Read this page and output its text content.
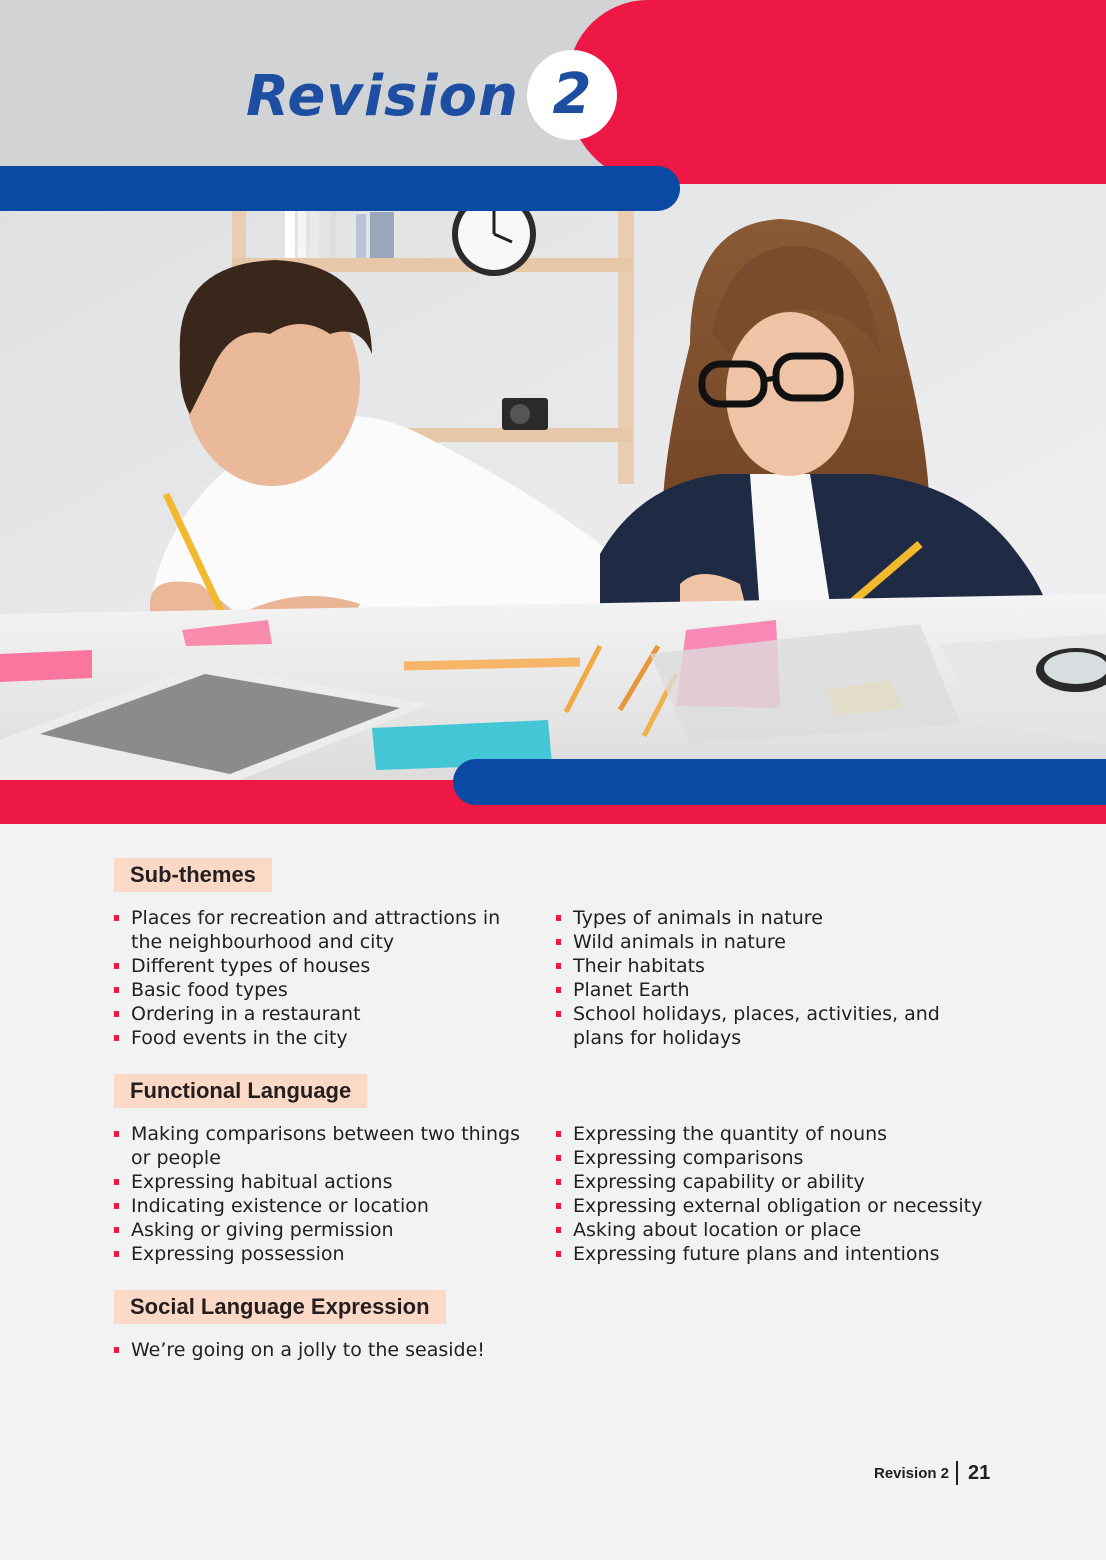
Revision 2
Sub-themes
Places for recreation and attractions in the neighbourhood and city
Different types of houses
Basic food types
Ordering in a restaurant
Food events in the city
Types of animals in nature
Wild animals in nature
Their habitats
Planet Earth
School holidays, places, activities, and plans for holidays
Functional Language
Making comparisons between two things or people
Expressing habitual actions
Indicating existence or location
Asking or giving permission
Expressing possession
Expressing the quantity of nouns
Expressing comparisons
Expressing capability or ability
Expressing external obligation or necessity
Asking about location or place
Expressing future plans and intentions
Social Language Expression
We’re going on a jolly to the seaside!
Revision 2 21
